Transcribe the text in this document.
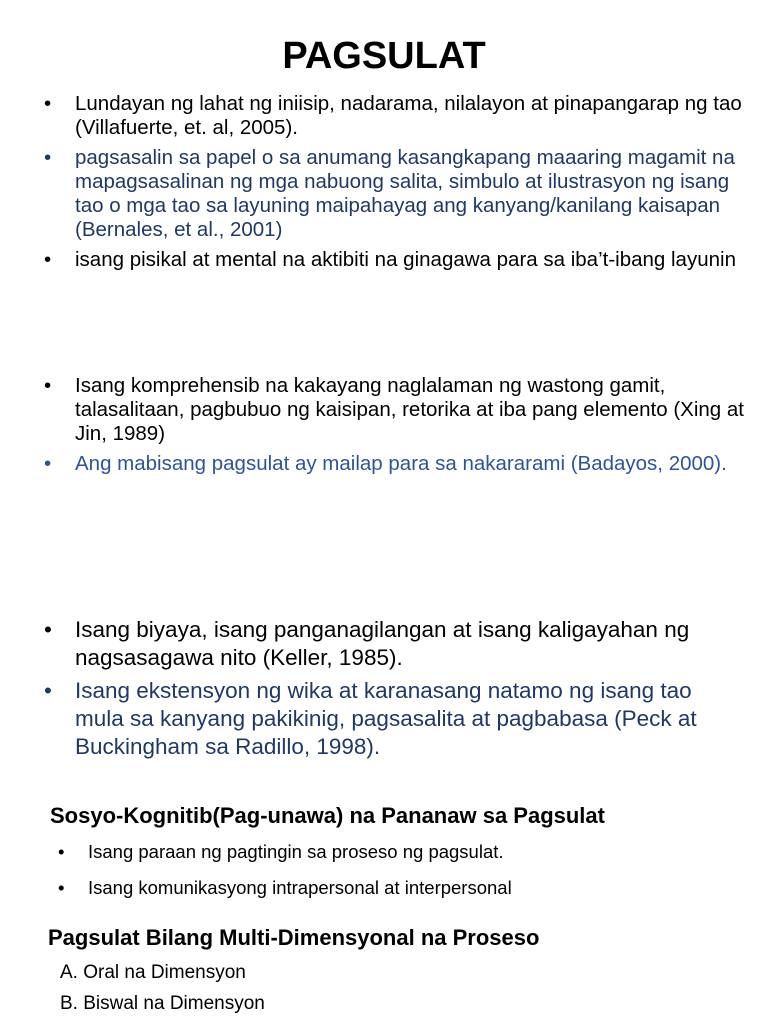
PAGSULAT
• Lundayan ng lahat ng iniisip, nadarama, nilalayon at pinapangarap ng tao (Villafuerte, et. al, 2005).
• pagsasalin sa papel o sa anumang kasangkapang maaaring magamit na mapagsasalinan ng mga nabuong salita, simbulo at ilustrasyon ng isang tao o mga tao sa layuning maipahayag ang kanyang/kanilang kaisapan (Bernales, et al., 2001)
• isang pisikal at mental na aktibiti na ginagawa para sa iba’t-ibang layunin
• Isang komprehensib na kakayang naglalaman ng wastong gamit, talasalitaan, pagbubuo ng kaisipan, retorika at iba pang elemento (Xing at Jin, 1989)
• Ang mabisang pagsulat ay mailap para sa nakararami (Badayos, 2000).
• Isang biyaya, isang panganagilangan at isang kaligayahan ng nagsasagawa nito (Keller, 1985).
• Isang ekstensyon ng wika at karanasang natamo ng isang tao mula sa kanyang pakikinig, pagsasalita at pagbabasa (Peck at Buckingham sa Radillo, 1998).
Sosyo-Kognitib(Pag-unawa) na Pananaw sa Pagsulat
• Isang paraan ng pagtingin sa proseso ng pagsulat.
• Isang komunikasyong intrapersonal at interpersonal
Pagsulat Bilang Multi-Dimensyonal na Proseso
A. Oral na Dimensyon
B. Biswal na Dimensyon
